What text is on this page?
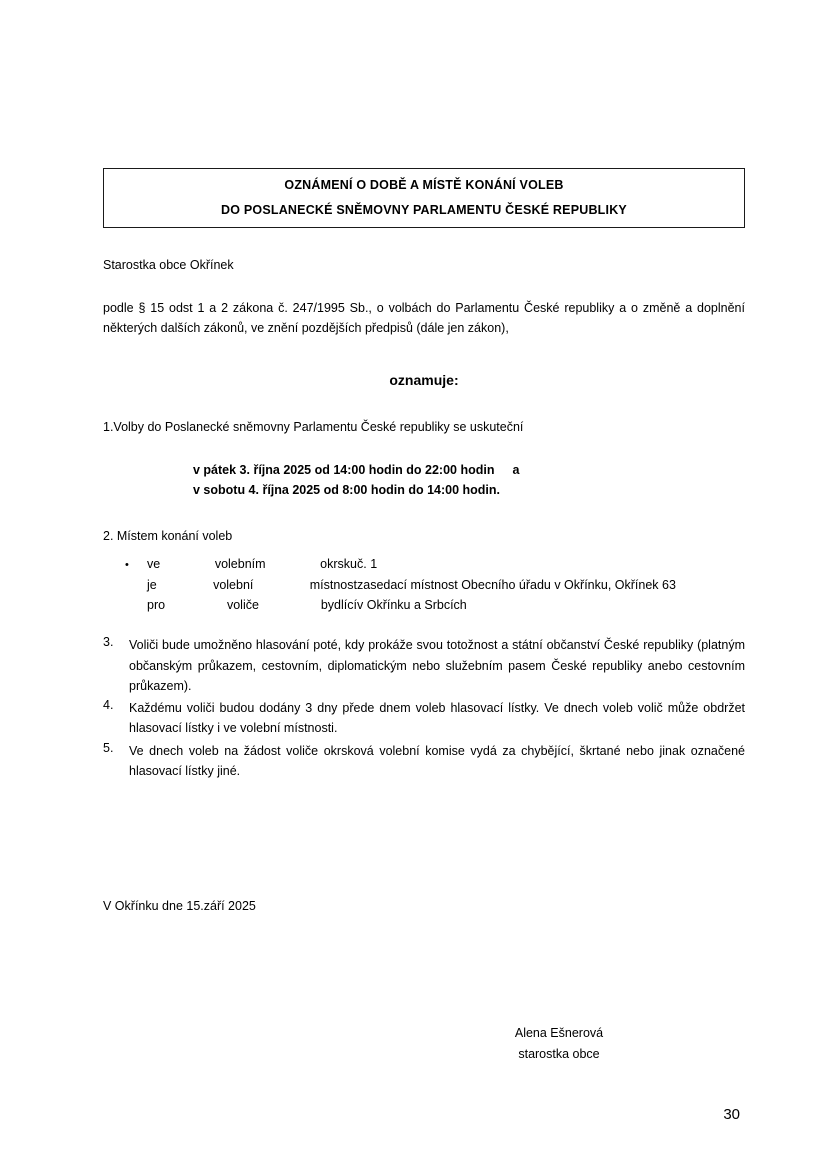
OZNÁMENÍ O DOBĚ A MÍSTĚ KONÁNÍ VOLEB
DO POSLANECKÉ SNĚMOVNY PARLAMENTU ČESKÉ REPUBLIKY
Starostka obce Okřínek
podle § 15 odst 1 a 2 zákona č. 247/1995 Sb., o volbách do Parlamentu České republiky a o změně a doplnění některých dalších zákonů, ve znění pozdějších předpisů (dále jen zákon),
oznamuje:
1.Volby do Poslanecké sněmovny Parlamentu České republiky se uskuteční
v pátek 3. října 2025 od 14:00 hodin do 22:00 hodin a
v sobotu 4. října 2025 od 8:00 hodin do 14:00 hodin.
2. Místem konání voleb
•	ve	volebním	okrsku č. 1
je	volební	místnost zasedací místnost Obecního úřadu v Okřínku, Okřínek 63
pro	voliče	bydlící v Okřínku a Srbcích
3.	Voliči bude umožněno hlasování poté, kdy prokáže svou totožnost a státní občanství České republiky (platným občanským průkazem, cestovním, diplomatickým nebo služebním pasem České republiky anebo cestovním průkazem).
4.	Každému voliči budou dodány 3 dny přede dnem voleb hlasovací lístky. Ve dnech voleb volič může obdržet hlasovací lístky i ve volební místnosti.
5.	Ve dnech voleb na žádost voliče okrsková volební komise vydá za chybějící, škrtané nebo jinak označené hlasovací lístky jiné.
V Okřínku dne 15.září 2025
Alena Ešnerová
starostka obce
30
